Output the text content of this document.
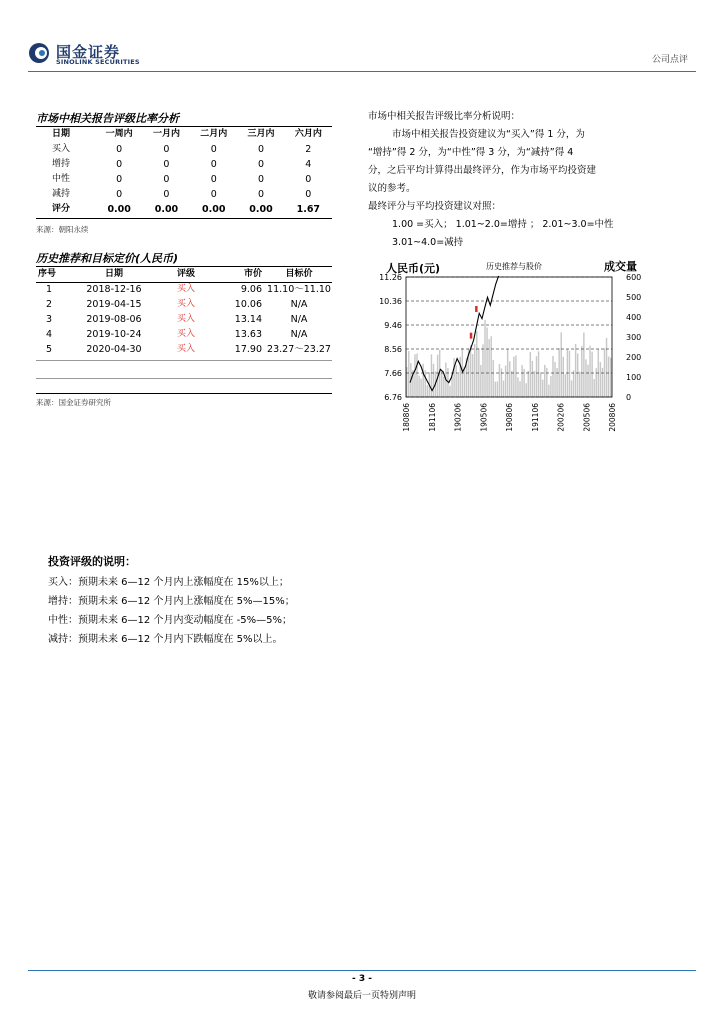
国金证券
SINOLINK SECURITIES	公司点评
市场中相关报告评级比率分析
日期	一周内	一月内	二月内	三月内	六月内
买入	0	0	0	0	2
增持	0	0	0	0	4
中性	0	0	0	0	0
减持	0	0	0	0	0
评分	0.00	0.00	0.00	0.00	1.67
来源：朝阳永续
历史推荐和目标定价(人民币)
序号	日期	评级	市价	目标价
1	2018-12-16	买入	9.06	11.10～11.10
2	2019-04-15	买入	10.06	N/A
3	2019-08-06	买入	13.14	N/A
4	2019-10-24	买入	13.63	N/A
5	2020-04-30	买入	17.90	23.27～23.27
来源：国金证券研究所
市场中相关报告评级比率分析说明：
市场中相关报告投资建议为“买入”得 1 分，为
“增持”得 2 分，为“中性”得 3 分，为“减持”得 4
分，之后平均计算得出最终评分，作为市场平均投资建
议的参考。
最终评分与平均投资建议对照：
1.00 =买入； 1.01~2.0=增持 ； 2.01~3.0=中性
3.01~4.0=减持
人民币(元)	历史推荐与股价	成交量
11.26
10.36
9.46
8.56
7.66
6.76
600
500
400
300
200
100
0
180806 181106 190206 190506 190806 191106 200206 200506 200806
投资评级的说明：
买入：预期未来 6—12 个月内上涨幅度在 15%以上；
增持：预期未来 6—12 个月内上涨幅度在 5%—15%；
中性：预期未来 6—12 个月内变动幅度在 -5%—5%；
减持：预期未来 6—12 个月内下跌幅度在 5%以上。
- 3 -
敬请参阅最后一页特别声明
